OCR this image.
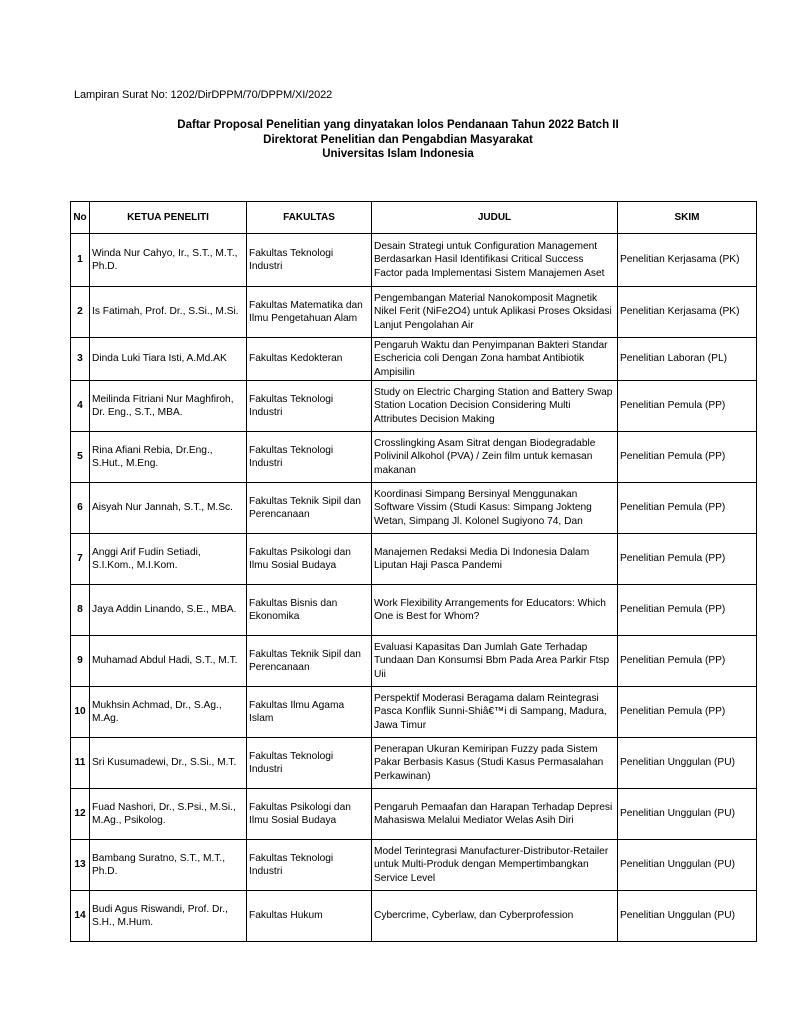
Lampiran Surat No: 1202/DirDPPM/70/DPPM/XI/2022
Daftar Proposal Penelitian yang dinyatakan lolos Pendanaan Tahun 2022 Batch II
Direktorat Penelitian dan Pengabdian Masyarakat
Universitas Islam Indonesia
No	KETUA PENELITI	FAKULTAS	JUDUL	SKIM
1	Winda Nur Cahyo, Ir., S.T., M.T., Ph.D.	Fakultas Teknologi Industri	Desain Strategi untuk Configuration Management Berdasarkan Hasil Identifikasi Critical Success Factor pada Implementasi Sistem Manajemen Aset	Penelitian Kerjasama (PK)
2	Is Fatimah, Prof. Dr., S.Si., M.Si.	Fakultas Matematika dan Ilmu Pengetahuan Alam	Pengembangan Material Nanokomposit Magnetik Nikel Ferit (NiFe2O4) untuk Aplikasi Proses Oksidasi Lanjut Pengolahan Air	Penelitian Kerjasama (PK)
3	Dinda Luki Tiara Isti, A.Md.AK	Fakultas Kedokteran	Pengaruh Waktu dan Penyimpanan Bakteri Standar Eschericia coli Dengan Zona hambat Antibiotik Ampisilin	Penelitian Laboran (PL)
4	Meilinda Fitriani Nur Maghfiroh, Dr. Eng., S.T., MBA.	Fakultas Teknologi Industri	Study on Electric Charging Station and Battery Swap Station Location Decision Considering Multi Attributes Decision Making	Penelitian Pemula (PP)
5	Rina Afiani Rebia, Dr.Eng., S.Hut., M.Eng.	Fakultas Teknologi Industri	Crosslingking Asam Sitrat dengan Biodegradable Polivinil Alkohol (PVA) / Zein film untuk kemasan makanan	Penelitian Pemula (PP)
6	Aisyah Nur Jannah, S.T., M.Sc.	Fakultas Teknik Sipil dan Perencanaan	Koordinasi Simpang Bersinyal Menggunakan Software Vissim (Studi Kasus: Simpang Jokteng Wetan, Simpang Jl. Kolonel Sugiyono 74, Dan	Penelitian Pemula (PP)
7	Anggi Arif Fudin Setiadi, S.I.Kom., M.I.Kom.	Fakultas Psikologi dan Ilmu Sosial Budaya	Manajemen Redaksi Media Di Indonesia Dalam Liputan Haji Pasca Pandemi	Penelitian Pemula (PP)
8	Jaya Addin Linando, S.E., MBA.	Fakultas Bisnis dan Ekonomika	Work Flexibility Arrangements for Educators: Which One is Best for Whom?	Penelitian Pemula (PP)
9	Muhamad Abdul Hadi, S.T., M.T.	Fakultas Teknik Sipil dan Perencanaan	Evaluasi Kapasitas Dan Jumlah Gate Terhadap Tundaan Dan Konsumsi Bbm Pada Area Parkir Ftsp Uii	Penelitian Pemula (PP)
10	Mukhsin Achmad, Dr., S.Ag., M.Ag.	Fakultas Ilmu Agama Islam	Perspektif Moderasi Beragama dalam Reintegrasi Pasca Konflik Sunni-Shiâ€™i di Sampang, Madura, Jawa Timur	Penelitian Pemula (PP)
11	Sri Kusumadewi, Dr., S.Si., M.T.	Fakultas Teknologi Industri	Penerapan Ukuran Kemiripan Fuzzy pada Sistem Pakar Berbasis Kasus (Studi Kasus Permasalahan Perkawinan)	Penelitian Unggulan (PU)
12	Fuad Nashori, Dr., S.Psi., M.Si., M.Ag., Psikolog.	Fakultas Psikologi dan Ilmu Sosial Budaya	Pengaruh Pemaafan dan Harapan Terhadap Depresi Mahasiswa Melalui Mediator Welas Asih Diri	Penelitian Unggulan (PU)
13	Bambang Suratno, S.T., M.T., Ph.D.	Fakultas Teknologi Industri	Model Terintegrasi Manufacturer-Distributor-Retailer untuk Multi-Produk dengan Mempertimbangkan Service Level	Penelitian Unggulan (PU)
14	Budi Agus Riswandi, Prof. Dr., S.H., M.Hum.	Fakultas Hukum	Cybercrime, Cyberlaw, dan Cyberprofession	Penelitian Unggulan (PU)
